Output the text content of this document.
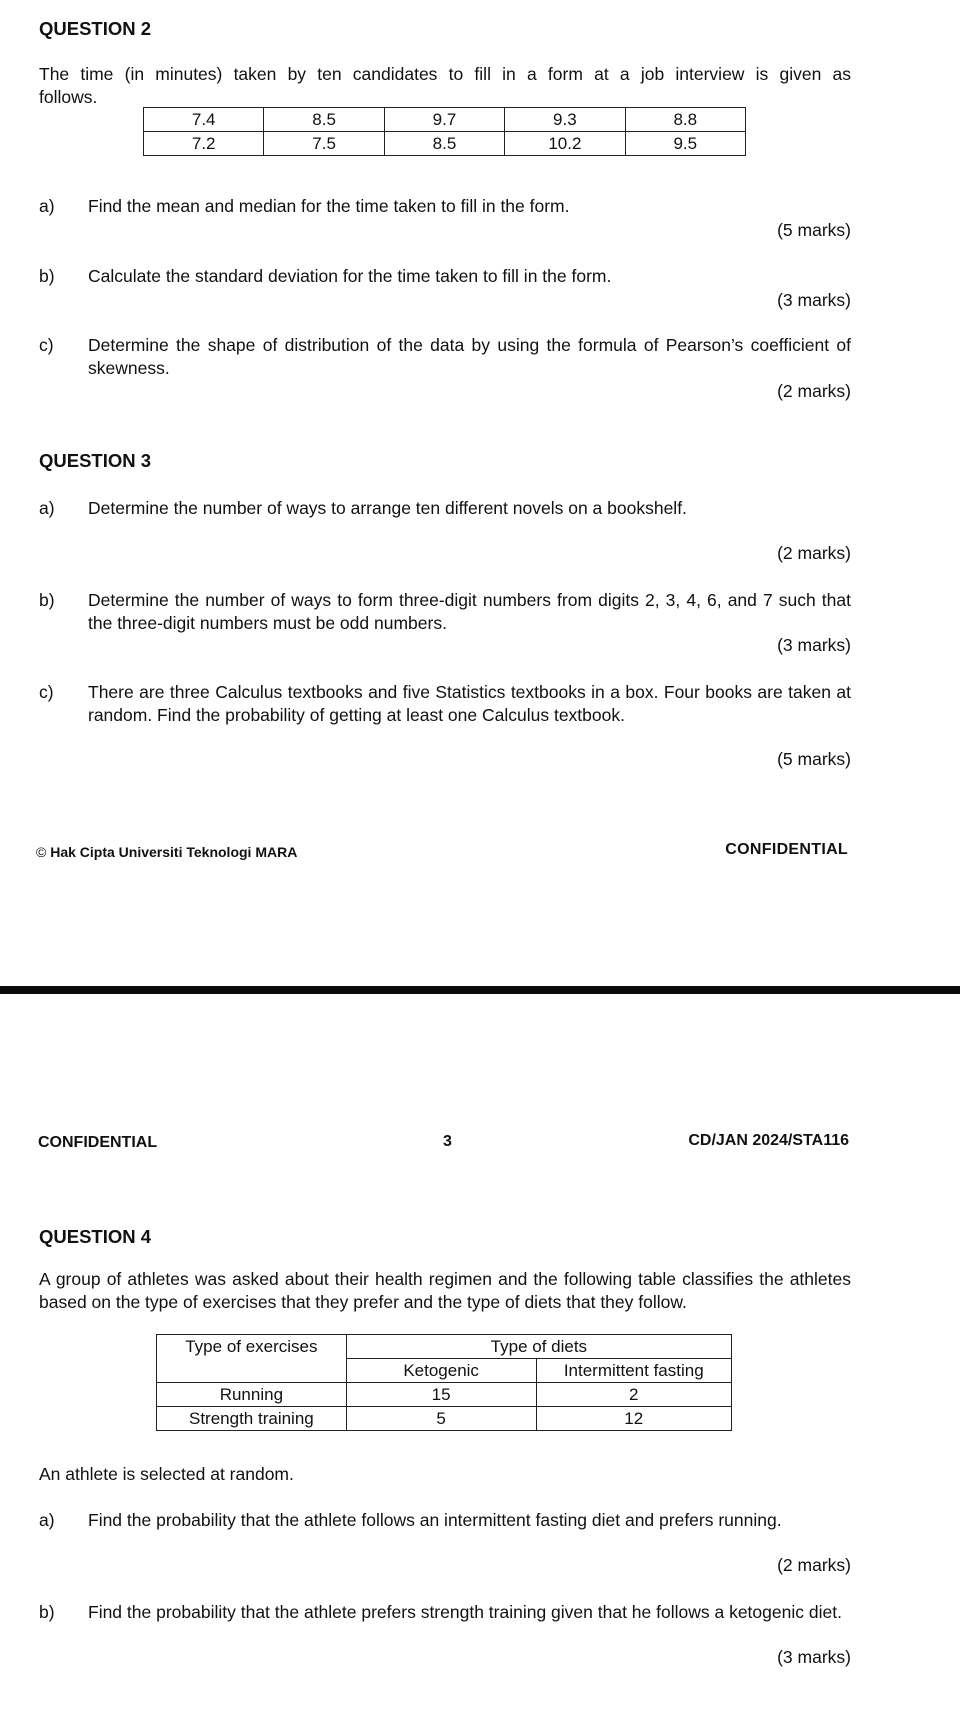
QUESTION 2
The time (in minutes) taken by ten candidates to fill in a form at a job interview is given as
follows.
7.4	8.5	9.7	9.3	8.8
7.2	7.5	8.5	10.2	9.5
a)	Find the mean and median for the time taken to fill in the form.
(5 marks)
b)	Calculate the standard deviation for the time taken to fill in the form.
(3 marks)
c)	Determine the shape of distribution of the data by using the formula of Pearson’s coefficient of skewness.
(2 marks)
QUESTION 3
a)	Determine the number of ways to arrange ten different novels on a bookshelf.
(2 marks)
b)	Determine the number of ways to form three-digit numbers from digits 2, 3, 4, 6, and 7 such that the three-digit numbers must be odd numbers.
(3 marks)
c)	There are three Calculus textbooks and five Statistics textbooks in a box. Four books are taken at random. Find the probability of getting at least one Calculus textbook.
(5 marks)
© Hak Cipta Universiti Teknologi MARA	CONFIDENTIAL
CONFIDENTIAL	3	CD/JAN 2024/STA116
QUESTION 4
A group of athletes was asked about their health regimen and the following table classifies the athletes based on the type of exercises that they prefer and the type of diets that they follow.
Type of exercises	Type of diets	
	Ketogenic	Intermittent fasting
Running	15	2
Strength training	5	12
An athlete is selected at random.
a)	Find the probability that the athlete follows an intermittent fasting diet and prefers running.
(2 marks)
b)	Find the probability that the athlete prefers strength training given that he follows a ketogenic diet.
(3 marks)
